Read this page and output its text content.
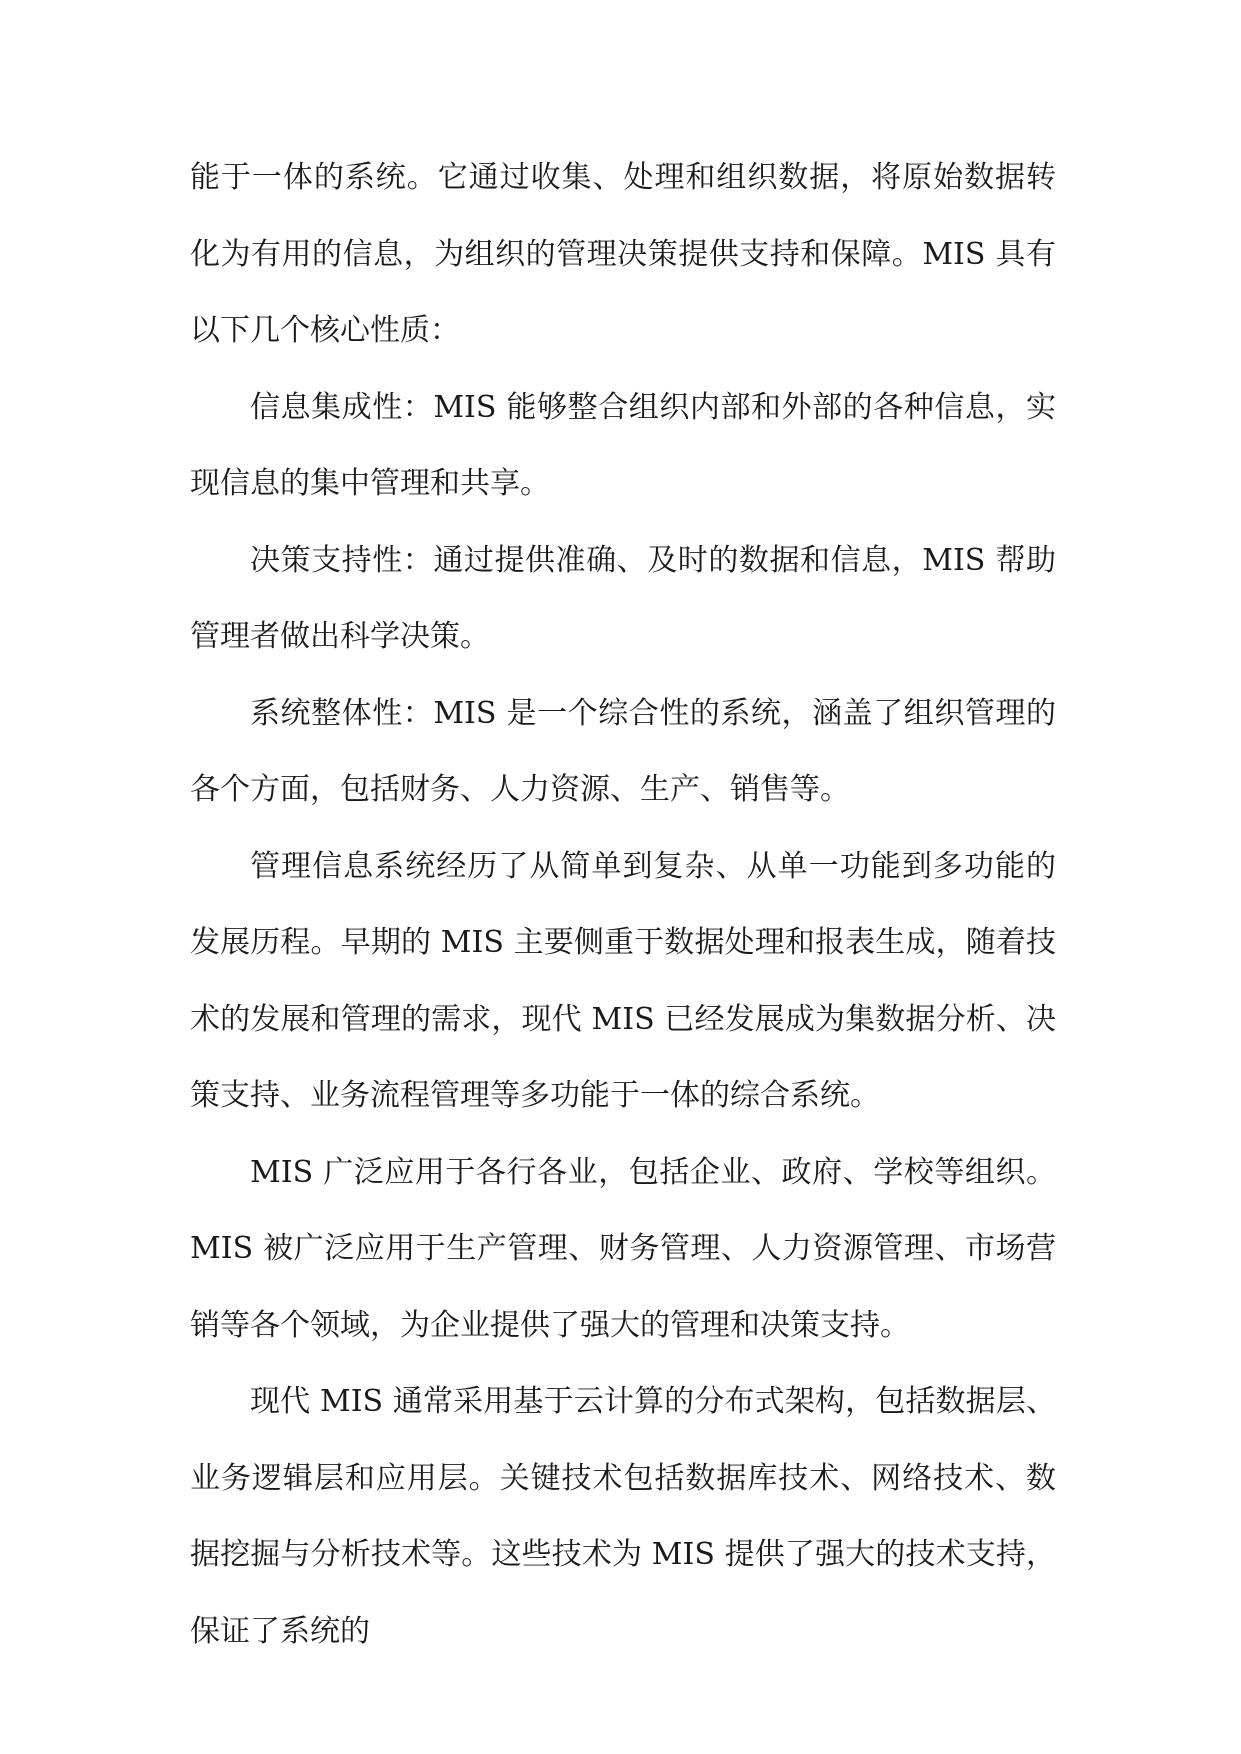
能于一体的系统。它通过收集、处理和组织数据，将原始数据转化为有用的信息，为组织的管理决策提供支持和保障。MIS 具有以下几个核心性质：

信息集成性：MIS 能够整合组织内部和外部的各种信息，实现信息的集中管理和共享。

决策支持性：通过提供准确、及时的数据和信息，MIS 帮助管理者做出科学决策。

系统整体性：MIS 是一个综合性的系统，涵盖了组织管理的各个方面，包括财务、人力资源、生产、销售等。

管理信息系统经历了从简单到复杂、从单一功能到多功能的发展历程。早期的 MIS 主要侧重于数据处理和报表生成，随着技术的发展和管理的需求，现代 MIS 已经发展成为集数据分析、决策支持、业务流程管理等多功能于一体的综合系统。

MIS 广泛应用于各行各业，包括企业、政府、学校等组织。MIS 被广泛应用于生产管理、财务管理、人力资源管理、市场营销等各个领域，为企业提供了强大的管理和决策支持。

现代 MIS 通常采用基于云计算的分布式架构，包括数据层、业务逻辑层和应用层。关键技术包括数据库技术、网络技术、数据挖掘与分析技术等。这些技术为 MIS 提供了强大的技术支持，保证了系统的
